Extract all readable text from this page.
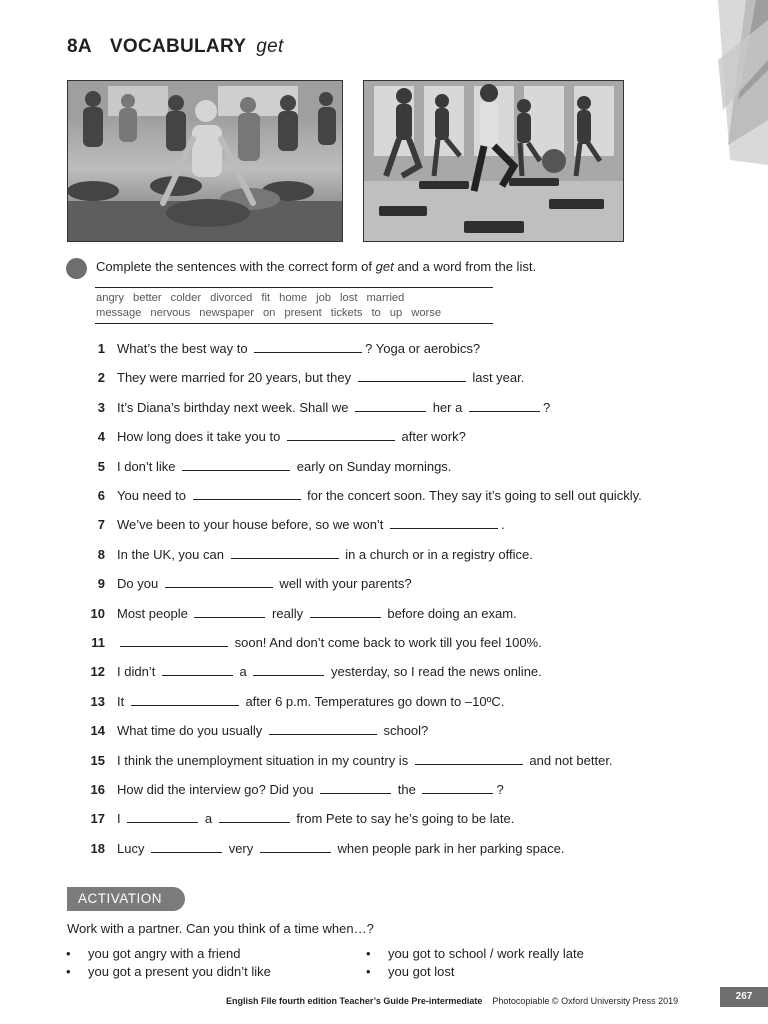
8A VOCABULARY get
Complete the sentences with the correct form of get and a word from the list.
angry better colder divorced fit home job lost married
message nervous newspaper on present tickets to up worse
1 What’s the best way to	? Yoga or aerobics?
2 They were married for 20 years, but they	last year.
3 It’s Diana’s birthday next week. Shall we	her a	?
4 How long does it take you to	after work?
5 I don’t like	early on Sunday mornings.
6 You need to	for the concert soon. They say it’s going to sell out quickly.
7 We’ve been to your house before, so we won’t	.
8 In the UK, you can	in a church or in a registry office.
9 Do you	well with your parents?
10 Most people	really	before doing an exam.
11	soon! And don’t come back to work till you feel 100%.
12 I didn’t	a	yesterday, so I read the news online.
13 It	after 6 p.m. Temperatures go down to –10ºC.
14 What time do you usually	school?
15 I think the unemployment situation in my country is	and not better.
16 How did the interview go? Did you	the	?
17 I	a	from Pete to say he’s going to be late.
18 Lucy	very	when people park in her parking space.
ACTIVATION
Work with a partner. Can you think of a time when…?
• you got angry with a friend
• you got a present you didn’t like
• you got to school / work really late
• you got lost
English File fourth edition Teacher’s Guide Pre-intermediate Photocopiable © Oxford University Press 2019	267
